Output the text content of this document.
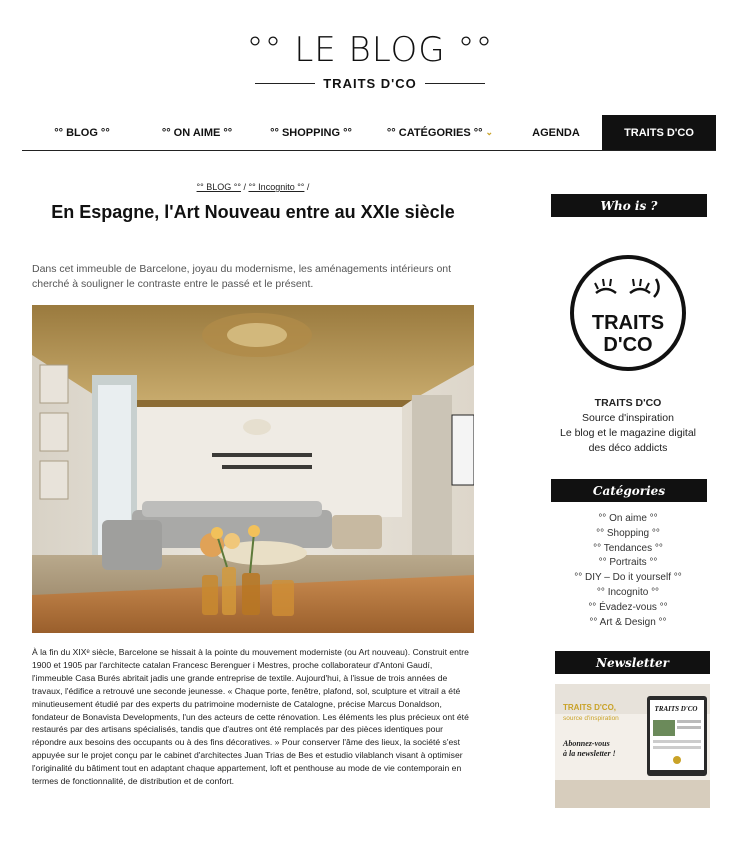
°° LE BLOG °°
TRAITS D'CO
°° BLOG °°	°° ON AIME °°	°° SHOPPING °°	°° CATÉGORIES °° ⌄	AGENDA	TRAITS D'CO
°° BLOG °° / °° Incognito °° /
En Espagne, l'Art Nouveau entre au XXIe siècle

Dans cet immeuble de Barcelone, joyau du modernisme, les aménagements intérieurs ont cherché à souligner le contraste entre le passé et le présent.

À la fin du XIXᵉ siècle, Barcelone se hissait à la pointe du mouvement moderniste (ou Art nouveau). Construit entre 1900 et 1905 par l'architecte catalan Francesc Berenguer i Mestres, proche collaborateur d'Antoni Gaudí, l'immeuble Casa Burés abritait jadis une grande entreprise de textile. Aujourd'hui, à l'issue de trois années de travaux, l'édifice a retrouvé une seconde jeunesse. « Chaque porte, fenêtre, plafond, sol, sculpture et vitrail a été minutieusement étudié par des experts du patrimoine moderniste de Catalogne, précise Marcus Donaldson, fondateur de Bonavista Developments, l'un des acteurs de cette rénovation. Les éléments les plus précieux ont été restaurés par des artisans spécialisés, tandis que d'autres ont été remplacés par des pièces identiques pour répondre aux besoins des occupants ou à des fins décoratives. » Pour conserver l'âme des lieux, la société s'est appuyée sur le projet conçu par le cabinet d'architectes Juan Trias de Bes et estudio vilablanch visant à optimiser l'originalité du bâtiment tout en adaptant chaque appartement, loft et penthouse au mode de vie contemporain en termes de fonctionnalité, de distribution et de confort.

Who is ?
TRAITS
D'CO
TRAITS D'CO
Source d'inspiration
Le blog et le magazine digital
des déco addicts
Catégories
°° On aime °°
°° Shopping °°
°° Tendances °°
°° Portraits °°
°° DIY – Do it yourself °°
°° Incognito °°
°° Évadez-vous °°
°° Art & Design °°
Newsletter
TRAITS D'CO
TRAITS D'CO,
source d'inspiration
Abonnez-vous
à la newsletter !
